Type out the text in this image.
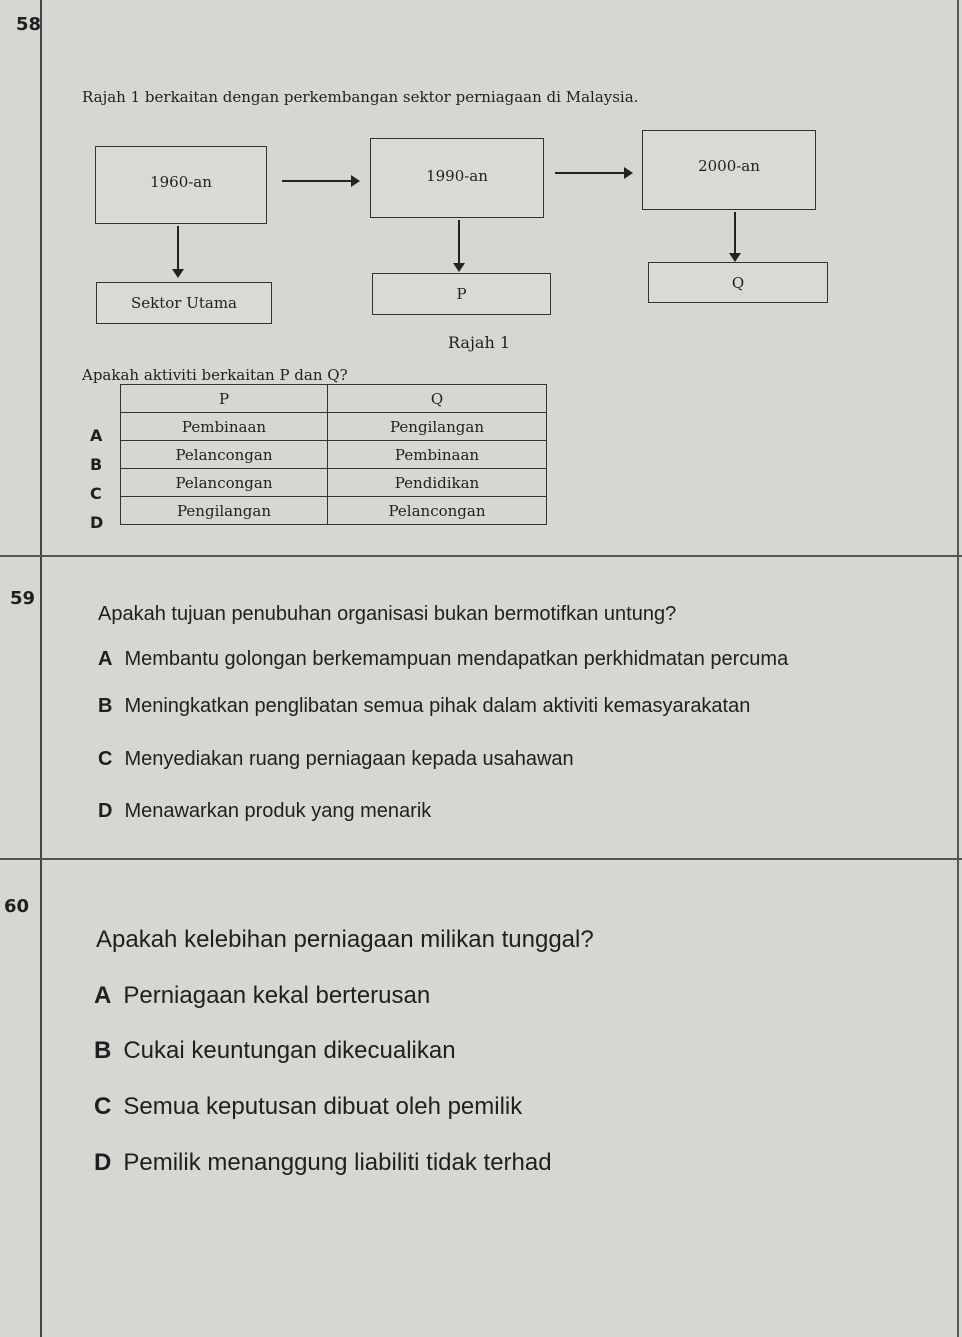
58
Rajah 1 berkaitan dengan perkembangan sektor perniagaan di Malaysia.
1960-an	1990-an
2000-an
Sektor Utama	P
Q
Rajah 1
Apakah aktiviti berkaitan P dan Q?
A
B
C
D
P	Q
Pembinaan	Pengilangan
Pelancongan	Pembinaan
Pelancongan	Pendidikan
Pengilangan	Pelancongan
59
Apakah tujuan penubuhan organisasi bukan bermotifkan untung?
A Membantu golongan berkemampuan mendapatkan perkhidmatan percuma
B Meningkatkan penglibatan semua pihak dalam aktiviti kemasyarakatan
C Menyediakan ruang perniagaan kepada usahawan
D Menawarkan produk yang menarik
60
Apakah kelebihan perniagaan milikan tunggal?
A Perniagaan kekal berterusan
B Cukai keuntungan dikecualikan
C Semua keputusan dibuat oleh pemilik
D Pemilik menanggung liabiliti tidak terhad
